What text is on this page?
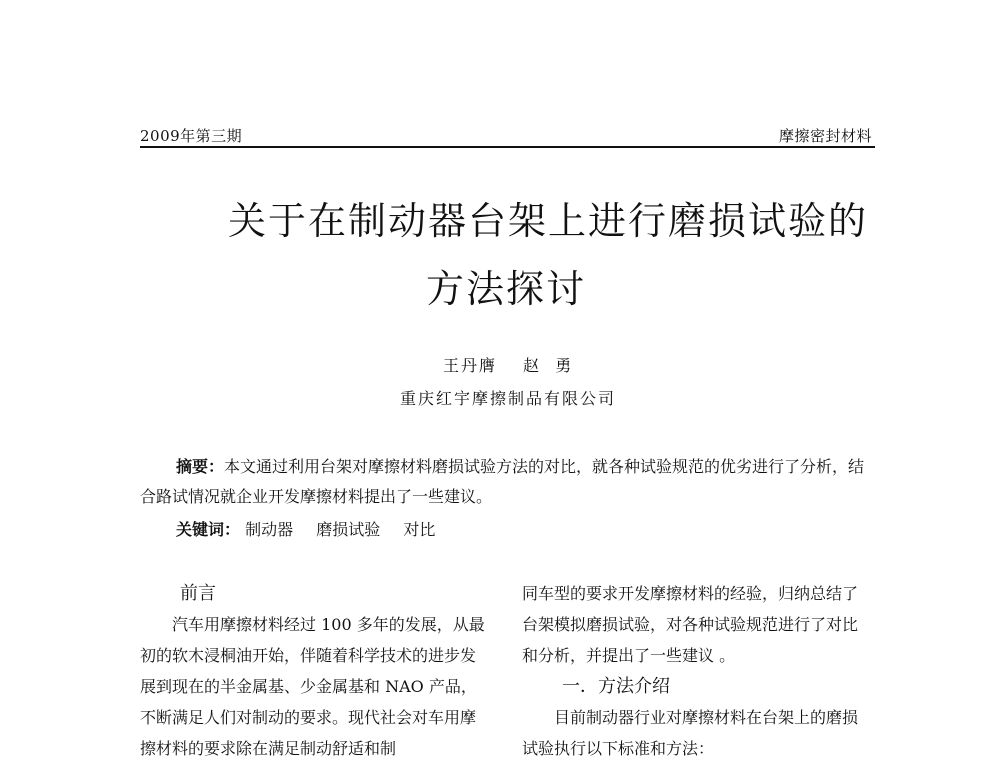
2009年第三期	摩擦密封材料
关于在制动器台架上进行磨损试验的
方法探讨
王丹膺 赵  勇
重庆红宇摩擦制品有限公司
摘要：本文通过利用台架对摩擦材料磨损试验方法的对比，就各种试验规范的优劣进行了分析，结合路试情况就企业开发摩擦材料提出了一些建议。
关键词： 制动器 磨损试验 对比

前言

汽车用摩擦材料经过 100 多年的发展，从最初的软木浸桐油开始，伴随着科学技术的进步发展到现在的半金属基、少金属基和 NAO 产品，不断满足人们对制动的要求。现代社会对车用摩擦材料的要求除在满足制动舒适和制

同车型的要求开发摩擦材料的经验，归纳总结了台架模拟磨损试验，对各种试验规范进行了对比和分析，并提出了一些建议 。

一．方法介绍

目前制动器行业对摩擦材料在台架上的磨损试验执行以下标准和方法：
